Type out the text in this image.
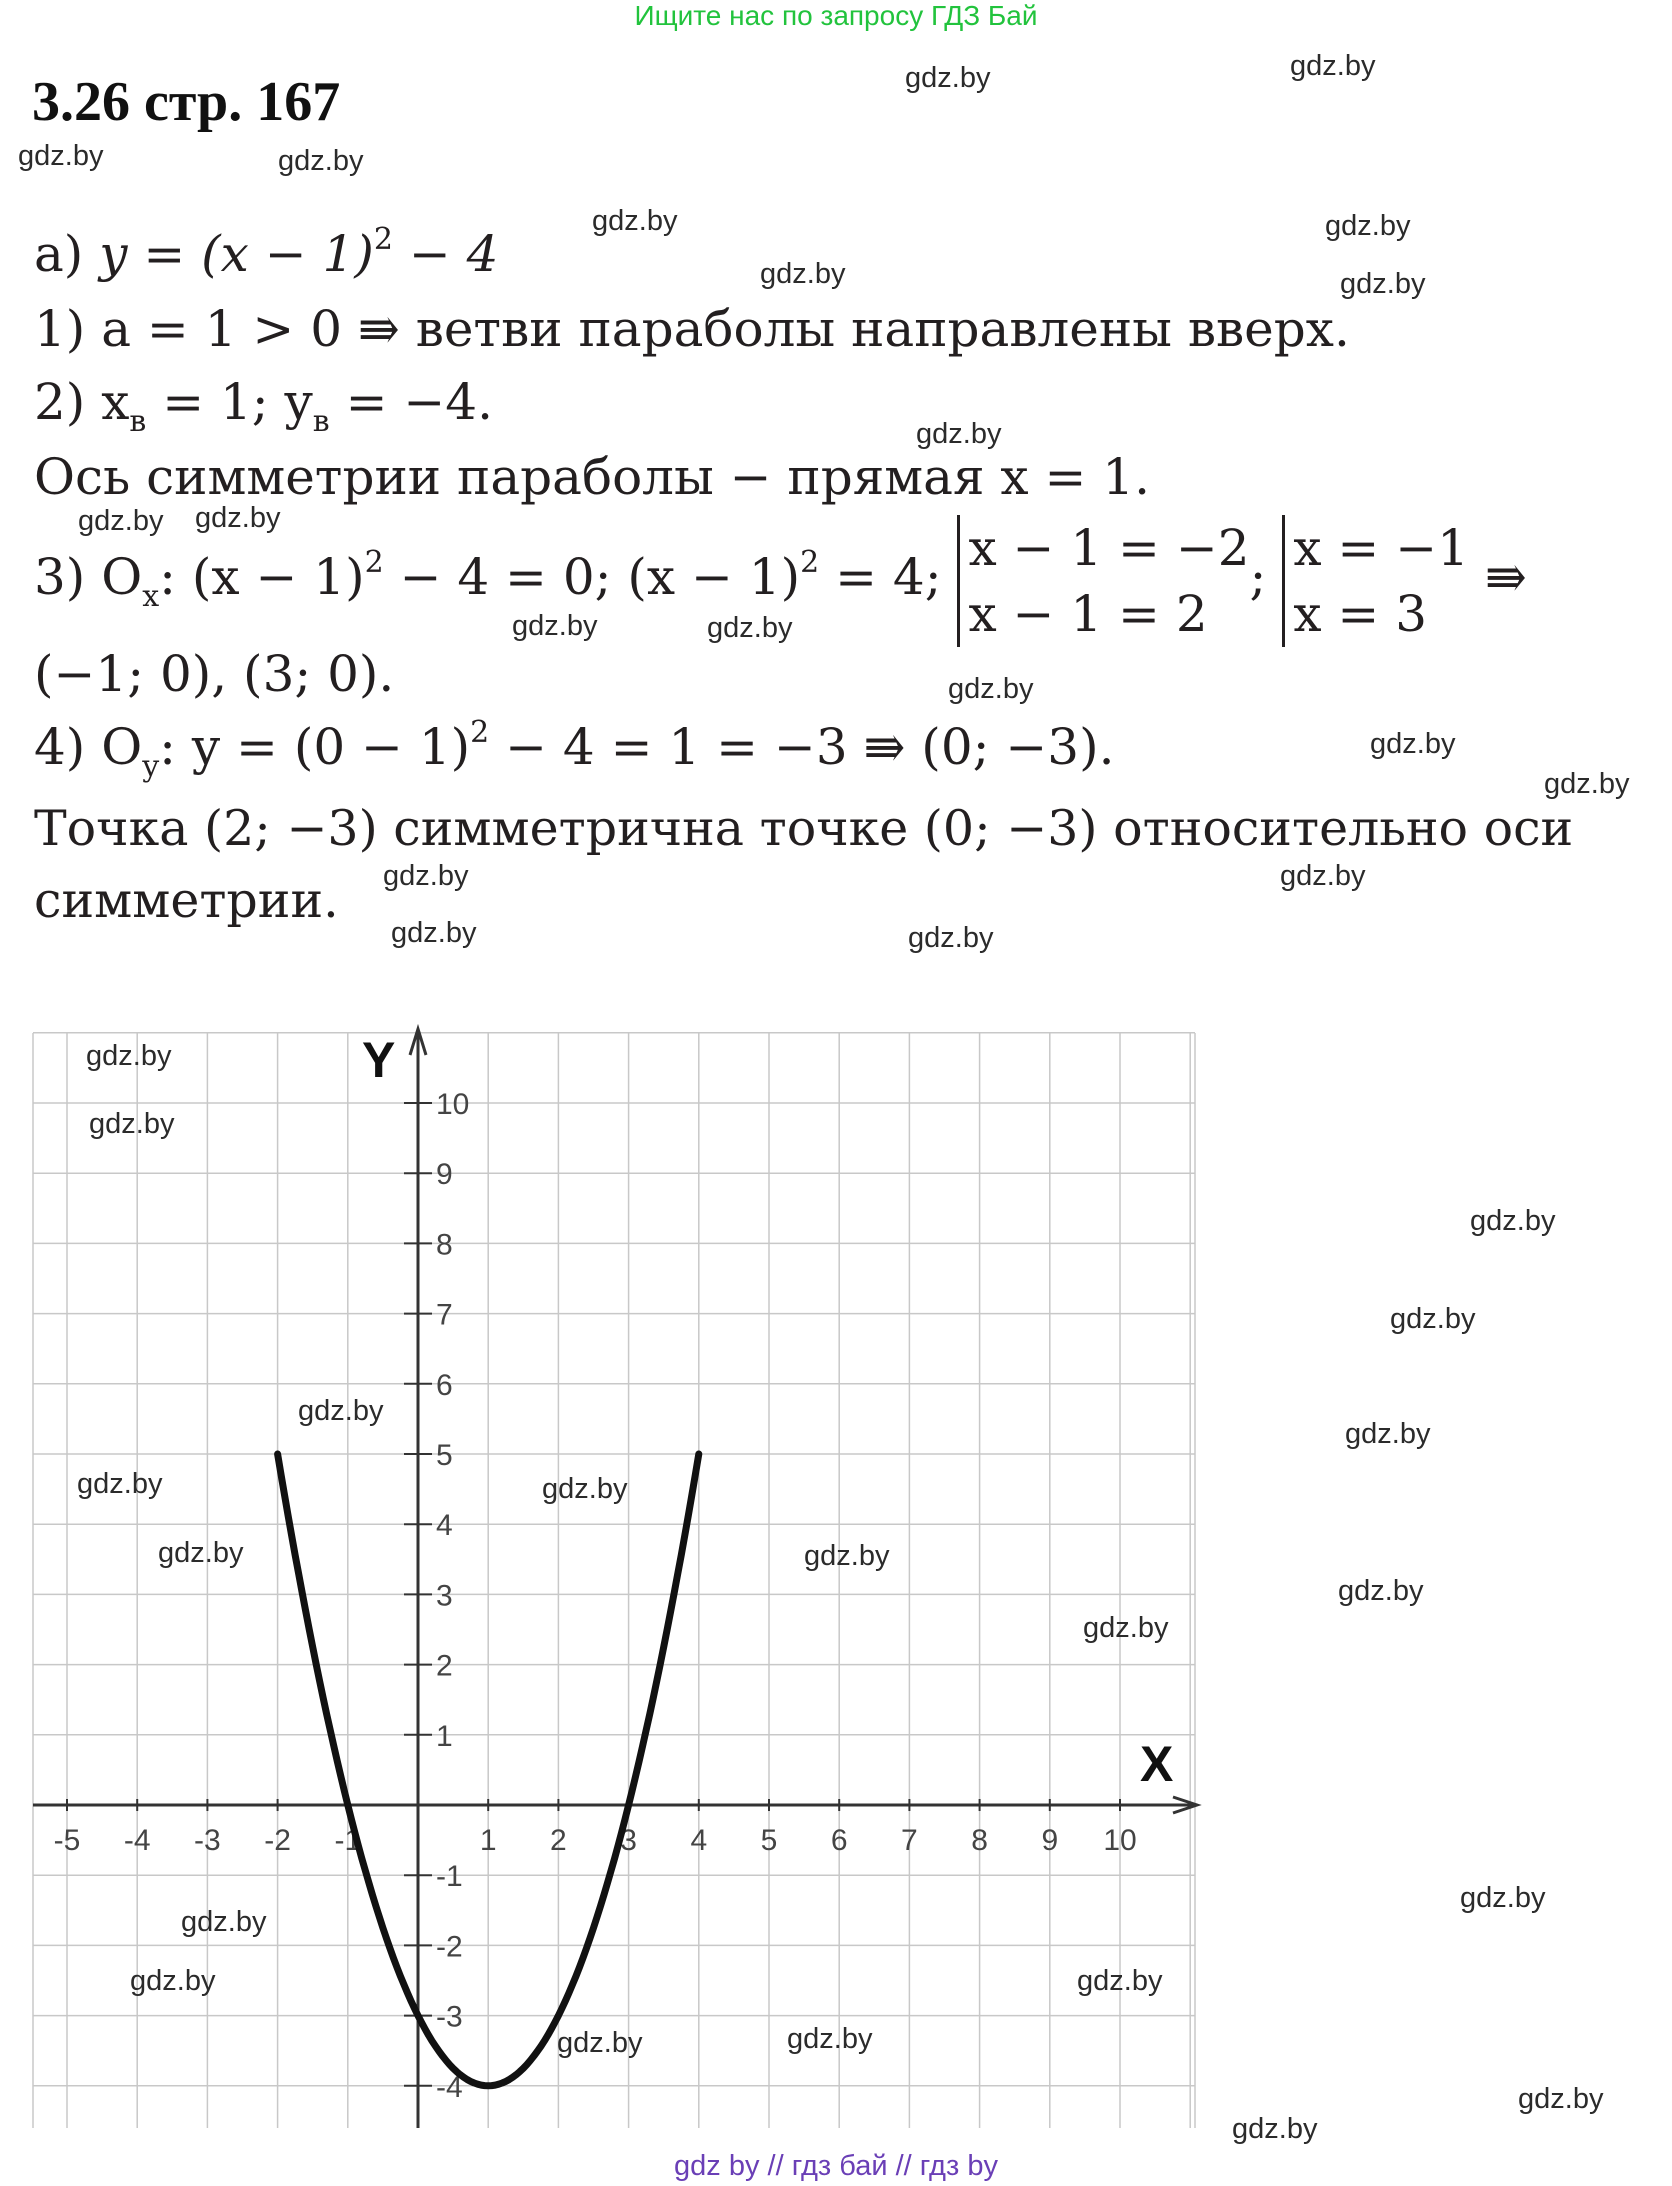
Ищите нас по запросу ГДЗ Бай
3.26 стр. 167
а) $y = (x - 1)^2 - 4$
1) a = 1 > 0 ⇛ ветви параболы направлены вверх.
2) $x_в = 1$; $y_в = -4$.
Ось симметрии параболы − прямая x = 1.
3) $O_x$: $(x - 1)^2 - 4 = 0$; $(x - 1)^2 = 4$; x − 1 = −2
x − 1 = 2; x = −1
x = 3 ⇛
(−1; 0), (3; 0).
4) $O_y$: $y = (0 - 1)^2 - 4 = 1 = -3$ ⇛ (0; −3).
Точка (2; −3) симметрична точке (0; −3) относительно оси
симметрии.
-5 -4 -3 -2 -1	1 2 3 4 5 6 7 8 9 10
10
9
8
7
6
5
4
3
2
1
-1
-2
-3
-4
X
Y
gdz.by	gdz.by
gdz.by	gdz.by
gdz.by	gdz.by
gdz.by	gdz.by
gdz.by
gdz.by gdz.by
gdz.by	gdz.by
gdz.by
gdz.by
gdz.by
gdz.by	gdz.by
gdz.by	gdz.by
gdz.by
gdz.by
gdz.by
gdz.by
gdz.by
gdz.by
gdz.by	gdz.by
gdz.by	gdz.by
gdz.by
gdz.by
gdz.by
gdz.by
gdz.by	gdz.by
gdz.by	gdz.by
gdz.by
gdz.by
gdz by // гдз бай // гдз by
